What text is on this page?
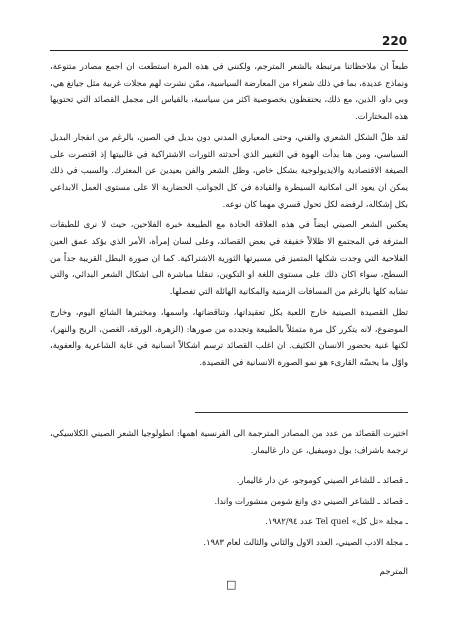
220

طبعاً ان ملاحظاتنا مرتبطة بالشعر المترجم، ولكنني في هذه المرة استطعت ان اجمع مصادر متنوعة، ونماذج عديدة، بما في ذلك شعراء من المعارضة السياسية، ممّن نشرت لهم مجلات غربية مثل جيانغ هي، وبي داو، الذين، مع ذلك، يحتفظون بخصوصية اكثر من سياسية، بالقياس الى مجمل القصائد التي تحتويها هذه المختارات.

لقد ظلّ الشكل الشعري والفني، وحتى المعياري المدني دون بديل في الصين، بالرغم من انفجار البديل السياسي، ومن هنا بدأت الهوة في التغيير الذي أحدثته الثورات الاشتراكية في غالبيتها إذ اقتصرت على الصيغة الاقتصادية والايديولوجية بشكل خاص، وظل الشعر والفن بعيدين عن المعترك. والسبب في ذلك يمكن ان يعود الى امكانية السيطرة والقيادة في كل الجوانب الحضارية الا على مستوى العمل الابداعي بكل إشكاله، لرفضه لكل تحول قسري مهما كان نوعه.

يعكس الشعر الصيني ايضاً في هذه العلاقة الحادة مع الطبيعة خبرة الفلاحين، حيث لا نرى للطبقات المترفة في المجتمع الا ظلالاً خفيفة في بعض القصائد، وعلى لسان إمرأة، الأمر الذي يؤكد عمق العين الفلاحية التي وجدت شكلها المتميز في مسيرتها الثورية الاشتراكية. كما ان صورة البطل القريبة جداً من السطح، سواء اكان ذلك على مستوى اللغة او التكوين، تنقلنا مباشرة الى اشكال الشعر البدائي، والتي تشابه كلها بالرغم من المسافات الزمنية والمكانية الهائلة التي تفصلها.

تظل القصيدة الصينية خارج اللعبة بكل تعقيداتها، وتناقضاتها، واسمها، ومختبرها الشائع اليوم، وخارج الموضوع، لانه يتكرر كل مرة متمثلاً بالطبيعة وتجدده من صورها: (الزهرة، الورقة، الغصن، الريح والنهر)، لكنها غنية بحضور الانسان الكثيف. ان اغلب القصائد ترسم اشكالاً انسانية في غاية الشاعرية والعفوية، واوّل ما يحسّه القارىء هو نمو الصورة الانسانية في القصيدة.

اختيرت القصائد من عدد من المصادر المترجمة الى الفرنسية اهمها: انطولوجيا الشعر الصيني الكلاسيكي، ترجمة باشراف: بول دوميفيل، عن دار غاليمار.

ـ قصائد ـ للشاعر الصيني كوموجو، عن دار غاليمار.
ـ قصائد ـ للشاعر الصيني دي وانغ شومن منشورات واندا.
ـ مجلة «تل كل» Tel quel عدد ١٩٨٢/٩٤.
ـ مجلة الادب الصيني، العدد الاول والثاني والثالث لعام ١٩٨٣.
المترجم
□
